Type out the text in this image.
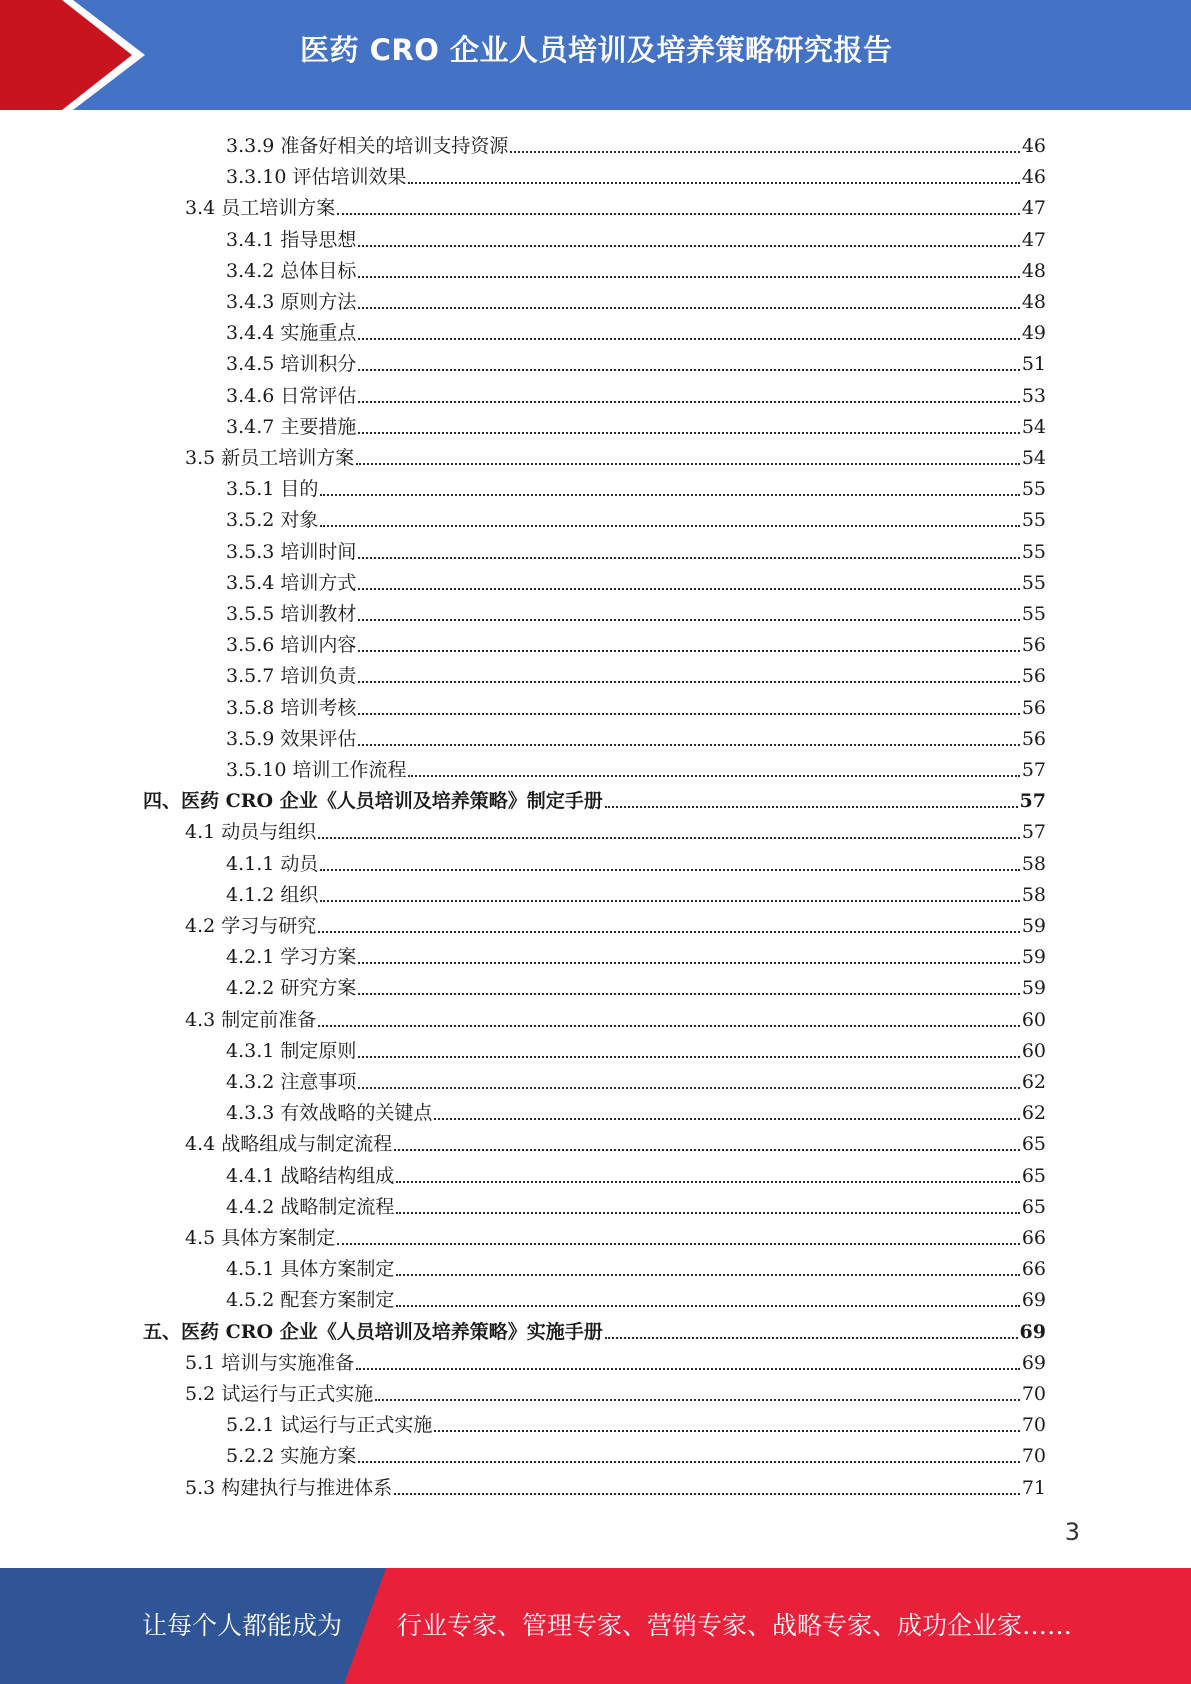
医药 CRO 企业人员培训及培养策略研究报告
3.3.9 准备好相关的培训支持资源	46
3.3.10 评估培训效果	46
3.4 员工培训方案	47
3.4.1 指导思想	47
3.4.2 总体目标	48
3.4.3 原则方法	48
3.4.4 实施重点	49
3.4.5 培训积分	51
3.4.6 日常评估	53
3.4.7 主要措施	54
3.5 新员工培训方案	54
3.5.1 目的	55
3.5.2 对象	55
3.5.3 培训时间	55
3.5.4 培训方式	55
3.5.5 培训教材	55
3.5.6 培训内容	56
3.5.7 培训负责	56
3.5.8 培训考核	56
3.5.9 效果评估	56
3.5.10 培训工作流程	57
四、医药 CRO 企业《人员培训及培养策略》制定手册	57
4.1 动员与组织	57
4.1.1 动员	58
4.1.2 组织	58
4.2 学习与研究	59
4.2.1 学习方案	59
4.2.2 研究方案	59
4.3 制定前准备	60
4.3.1 制定原则	60
4.3.2 注意事项	62
4.3.3 有效战略的关键点	62
4.4 战略组成与制定流程	65
4.4.1 战略结构组成	65
4.4.2 战略制定流程	65
4.5 具体方案制定	66
4.5.1 具体方案制定	66
4.5.2 配套方案制定	69
五、医药 CRO 企业《人员培训及培养策略》实施手册	69
5.1 培训与实施准备	69
5.2 试运行与正式实施	70
5.2.1 试运行与正式实施	70
5.2.2 实施方案	70
5.3 构建执行与推进体系	71
3
让每个人都能成为 行业专家、管理专家、营销专家、战略专家、成功企业家……
